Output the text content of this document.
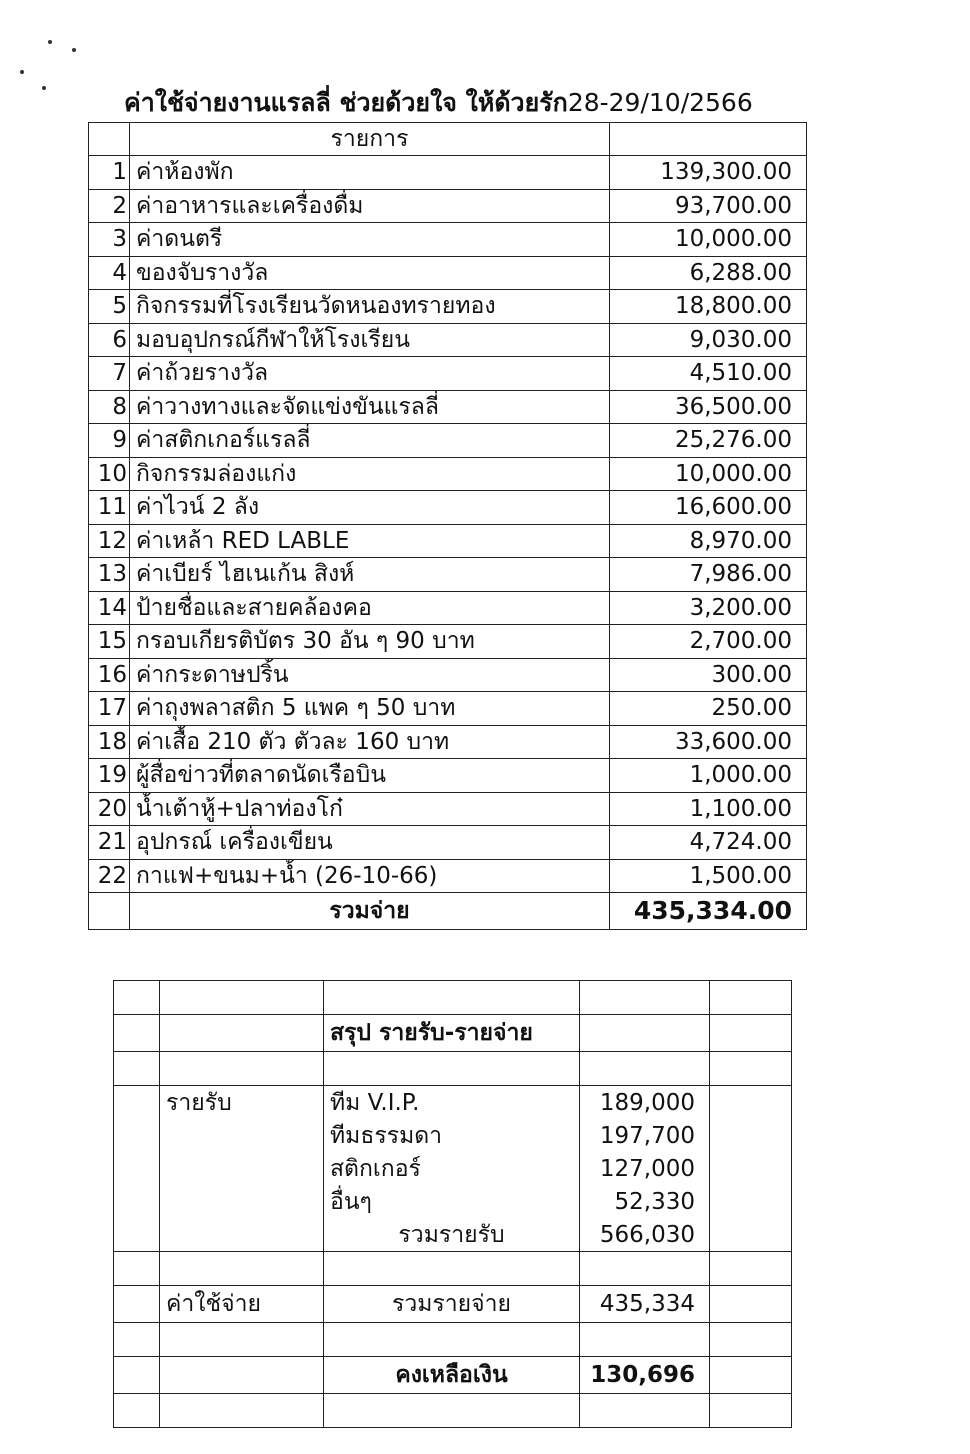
ค่าใช้จ่ายงานแรลลี่ ช่วยด้วยใจ ให้ด้วยรัก28-29/10/2566
	รายการ	
1	ค่าห้องพัก	139,300.00
2	ค่าอาหารและเครื่องดื่ม	93,700.00
3	ค่าดนตรี	10,000.00
4	ของจับรางวัล	6,288.00
5	กิจกรรมที่โรงเรียนวัดหนองทรายทอง	18,800.00
6	มอบอุปกรณ์กีฬาให้โรงเรียน	9,030.00
7	ค่าถ้วยรางวัล	4,510.00
8	ค่าวางทางและจัดแข่งขันแรลลี่	36,500.00
9	ค่าสติกเกอร์แรลลี่	25,276.00
10	กิจกรรมล่องแก่ง	10,000.00
11	ค่าไวน์ 2 ลัง	16,600.00
12	ค่าเหล้า RED LABLE	8,970.00
13	ค่าเบียร์ ไฮเนเก้น สิงห์	7,986.00
14	ป้ายชื่อและสายคล้องคอ	3,200.00
15	กรอบเกียรติบัตร 30 อัน ๆ 90 บาท	2,700.00
16	ค่ากระดาษปริ้น	300.00
17	ค่าถุงพลาสติก 5 แพค ๆ 50 บาท	250.00
18	ค่าเสื้อ 210 ตัว ตัวละ 160 บาท	33,600.00
19	ผู้สื่อข่าวที่ตลาดนัดเรือบิน	1,000.00
20	น้ำเต้าหู้+ปลาท่องโก๋	1,100.00
21	อุปกรณ์ เครื่องเขียน	4,724.00
22	กาแฟ+ขนม+น้ำ (26-10-66)	1,500.00
	รวมจ่าย	435,334.00

		สรุป รายรับ-รายจ่าย		

	รายรับ	ทีม V.I.P.	189,000	
		ทีมธรรมดา	197,700	
		สติกเกอร์	127,000	
		อื่นๆ	52,330	
		รวมรายรับ	566,030	

	ค่าใช้จ่าย	รวมรายจ่าย	435,334	

		คงเหลือเงิน	130,696	
